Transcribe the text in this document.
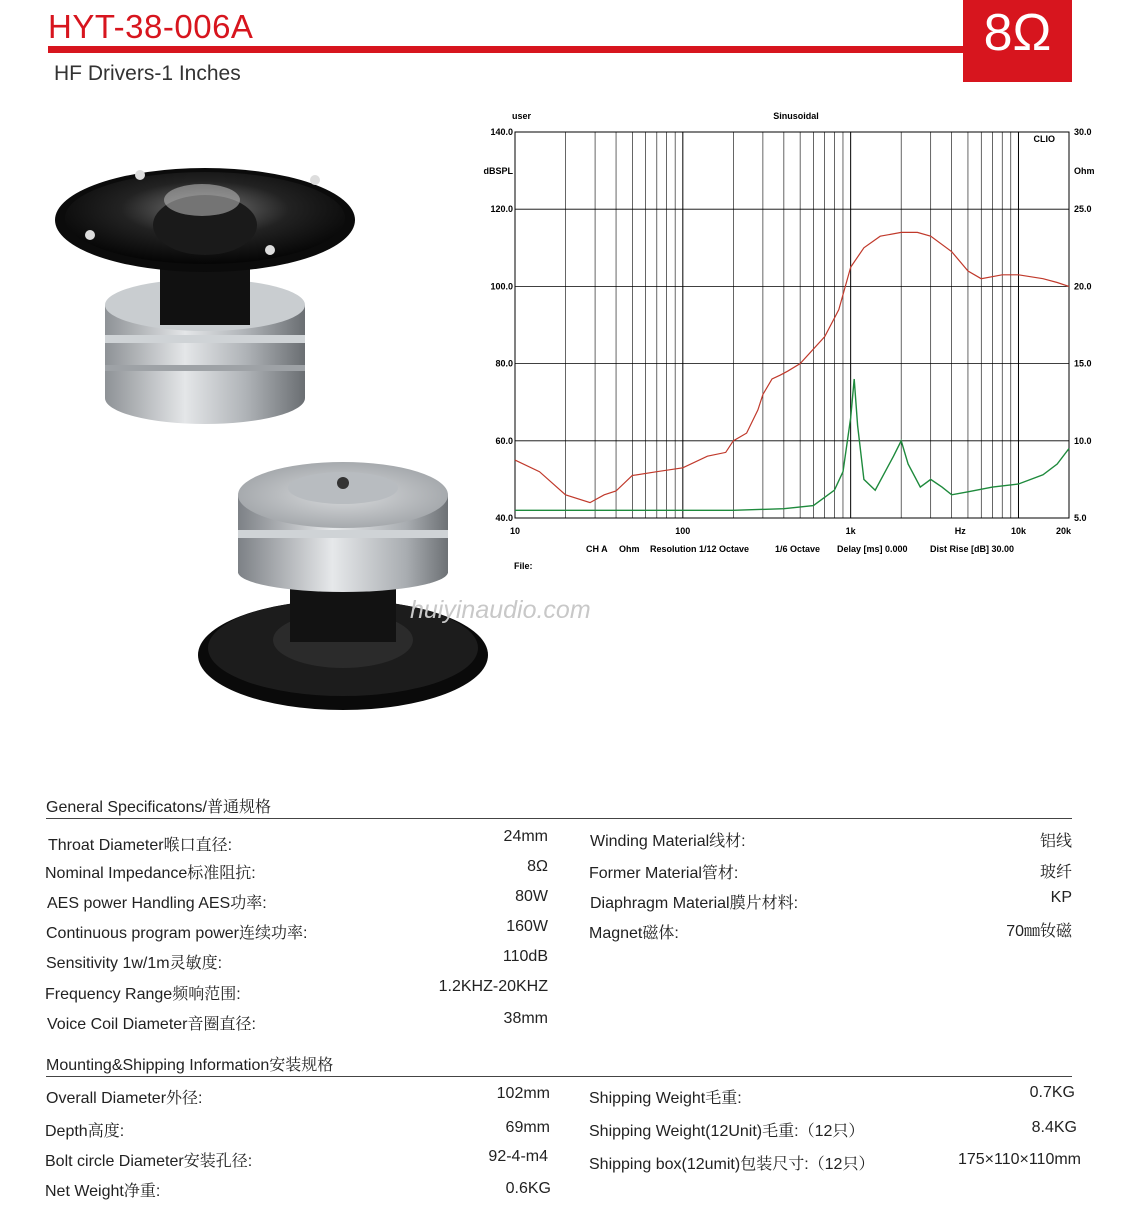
HYT-38-006A	8Ω
HF Drivers-1 Inches
user	Sinusoidal
CLIO
dBSPL	Ohm
140.0
120.0
100.0
80.0
60.0
40.0
30.0
25.0
20.0
15.0
10.0
5.0
10	100	1k	Hz	10k	20k
CH A Ohm Resolution 1/12 Octave	1/6 Octave Delay [ms] 0.000 Dist Rise [dB] 30.00
File:
huiyinaudio.com
General Specificatons/普通规格
Throat Diameter喉口直径:
24mm
Nominal Impedance标准阻抗:	8Ω
AES power Handling AES功率:	80W
Continuous program power连续功率:	160W
Sensitivity 1w/1m灵敏度:	110dB
Frequency Range频响范围:	1.2KHZ-20KHZ
Voice Coil Diameter音圈直径:	38mm
Winding Material线材:	铝线
Former Material管材:	玻纤
Diaphragm Material膜片材料:	KP
Magnet磁体:	70㎜钕磁
Mounting&Shipping Information安装规格
Overall Diameter外径:	102mm
Depth高度:	69mm
Bolt circle Diameter安装孔径:	92-4-m4
Net Weight净重:	0.6KG
Shipping Weight毛重:	0.7KG
Shipping Weight(12Unit)毛重:（12只）	8.4KG
Shipping box(12umit)包装尺寸:（12只）	175×110×110mm
